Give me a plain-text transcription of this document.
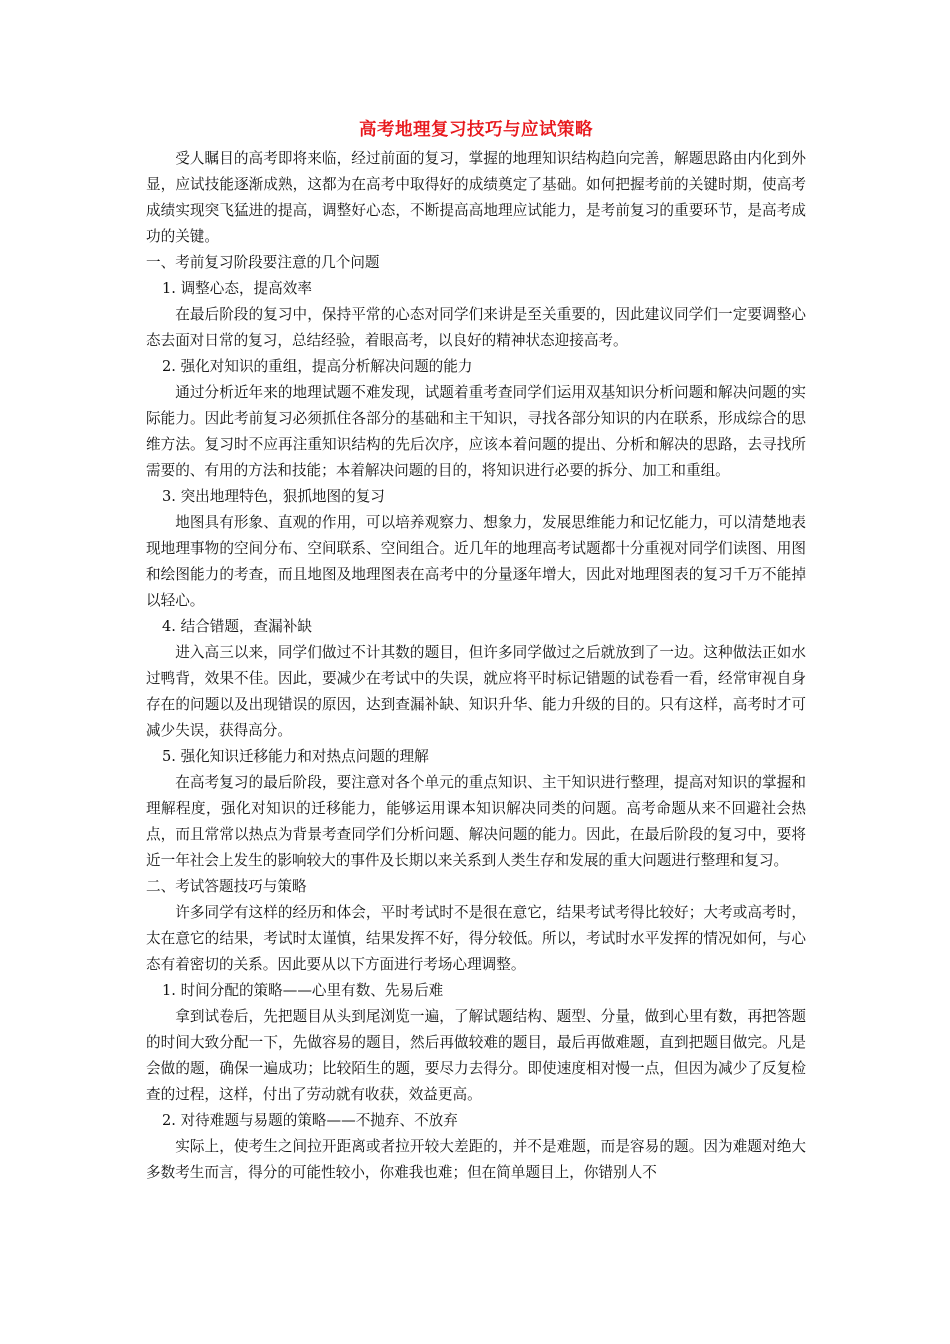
高考地理复习技巧与应试策略

受人瞩目的高考即将来临，经过前面的复习，掌握的地理知识结构趋向完善，解题思路由内化到外显，应试技能逐渐成熟，这都为在高考中取得好的成绩奠定了基础。如何把握考前的关键时期，使高考成绩实现突飞猛进的提高，调整好心态，不断提高高地理应试能力，是考前复习的重要环节，是高考成功的关键。

一、考前复习阶段要注意的几个问题

1. 调整心态，提高效率

在最后阶段的复习中，保持平常的心态对同学们来讲是至关重要的，因此建议同学们一定要调整心态去面对日常的复习，总结经验，着眼高考，以良好的精神状态迎接高考。

2. 强化对知识的重组，提高分析解决问题的能力

通过分析近年来的地理试题不难发现，试题着重考查同学们运用双基知识分析问题和解决问题的实际能力。因此考前复习必须抓住各部分的基础和主干知识，寻找各部分知识的内在联系，形成综合的思维方法。复习时不应再注重知识结构的先后次序，应该本着问题的提出、分析和解决的思路，去寻找所需要的、有用的方法和技能；本着解决问题的目的，将知识进行必要的拆分、加工和重组。

3. 突出地理特色，狠抓地图的复习

地图具有形象、直观的作用，可以培养观察力、想象力，发展思维能力和记忆能力，可以清楚地表现地理事物的空间分布、空间联系、空间组合。近几年的地理高考试题都十分重视对同学们读图、用图和绘图能力的考查，而且地图及地理图表在高考中的分量逐年增大，因此对地理图表的复习千万不能掉以轻心。

4. 结合错题，查漏补缺

进入高三以来，同学们做过不计其数的题目，但许多同学做过之后就放到了一边。这种做法正如水过鸭背，效果不佳。因此，要减少在考试中的失误，就应将平时标记错题的试卷看一看，经常审视自身存在的问题以及出现错误的原因，达到查漏补缺、知识升华、能力升级的目的。只有这样，高考时才可减少失误，获得高分。

5. 强化知识迁移能力和对热点问题的理解

在高考复习的最后阶段，要注意对各个单元的重点知识、主干知识进行整理，提高对知识的掌握和理解程度，强化对知识的迁移能力，能够运用课本知识解决同类的问题。高考命题从来不回避社会热点，而且常常以热点为背景考查同学们分析问题、解决问题的能力。因此，在最后阶段的复习中，要将近一年社会上发生的影响较大的事件及长期以来关系到人类生存和发展的重大问题进行整理和复习。

二、考试答题技巧与策略

许多同学有这样的经历和体会，平时考试时不是很在意它，结果考试考得比较好；大考或高考时，太在意它的结果，考试时太谨慎，结果发挥不好，得分较低。所以，考试时水平发挥的情况如何，与心态有着密切的关系。因此要从以下方面进行考场心理调整。

1. 时间分配的策略——心里有数、先易后难

拿到试卷后，先把题目从头到尾浏览一遍，了解试题结构、题型、分量，做到心里有数，再把答题的时间大致分配一下，先做容易的题目，然后再做较难的题目，最后再做难题，直到把题目做完。凡是会做的题，确保一遍成功；比较陌生的题，要尽力去得分。即使速度相对慢一点，但因为减少了反复检查的过程，这样，付出了劳动就有收获，效益更高。

2. 对待难题与易题的策略——不抛弃、不放弃

实际上，使考生之间拉开距离或者拉开较大差距的，并不是难题，而是容易的题。因为难题对绝大多数考生而言，得分的可能性较小，你难我也难；但在简单题目上，你错别人不
